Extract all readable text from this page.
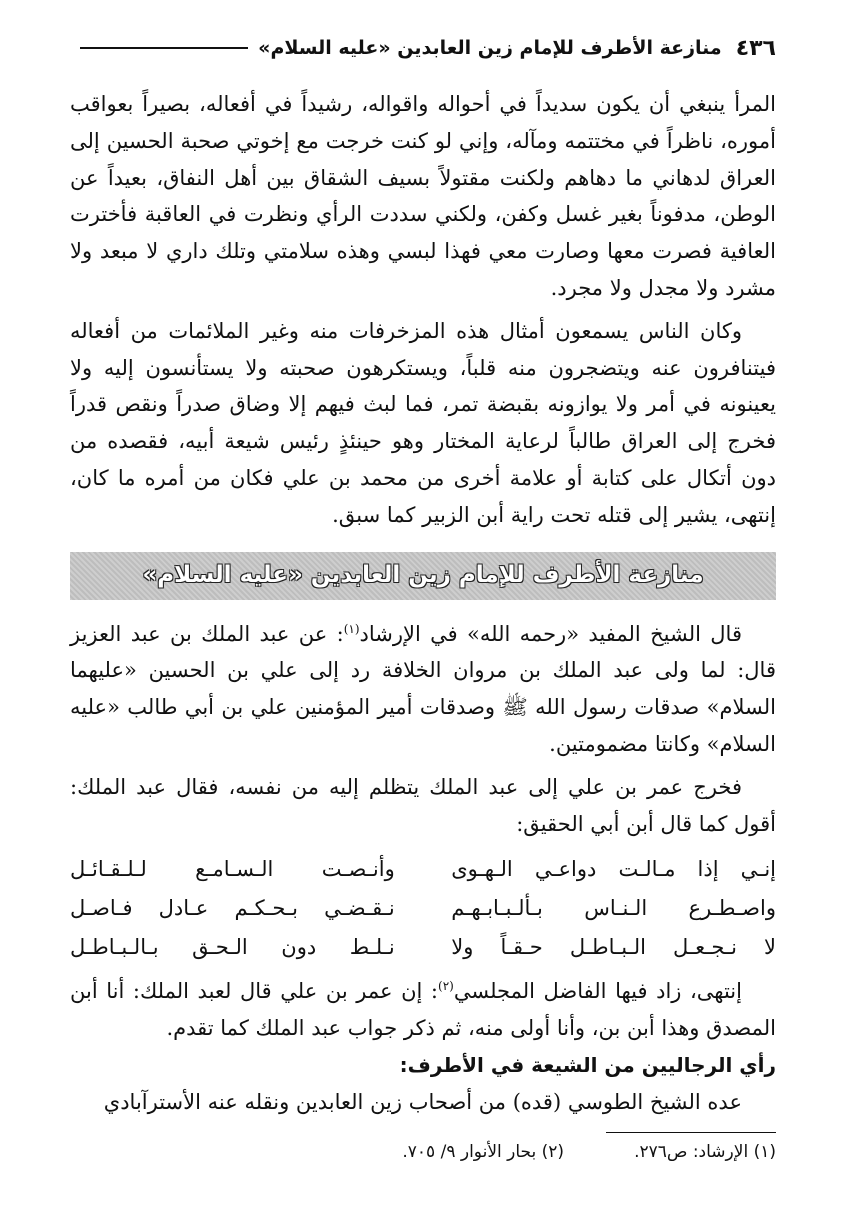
٤٣٦
منازعة الأطرف للإمام زين العابدين «عليه السلام»

المرأ ينبغي أن يكون سديداً في أحواله واقواله، رشيداً في أفعاله، بصيراً بعواقب أموره، ناظراً في مختتمه ومآله، وإني لو كنت خرجت مع إخوتي صحبة الحسين إلى العراق لدهاني ما دهاهم ولكنت مقتولاً بسيف الشقاق بين أهل النفاق، بعيداً عن الوطن، مدفوناً بغير غسل وكفن، ولكني سددت الرأي ونظرت في العاقبة فأخترت العافية فصرت معها وصارت معي فهذا لبسي وهذه سلامتي وتلك داري لا مبعد ولا مشرد ولا مجدل ولا مجرد.

وكان الناس يسمعون أمثال هذه المزخرفات منه وغير الملائمات من أفعاله فيتنافرون عنه ويتضجرون منه قلباً، ويستكرهون صحبته ولا يستأنسون إليه ولا يعينونه في أمر ولا يوازونه بقبضة تمر، فما لبث فيهم إلا وضاق صدراً ونقص قدراً فخرج إلى العراق طالباً لرعاية المختار وهو حينئذٍ رئيس شيعة أبيه، فقصده من دون أتكال على كتابة أو علامة أخرى من محمد بن علي فكان من أمره ما كان، إنتهى، يشير إلى قتله تحت راية أبن الزبير كما سبق.

منازعة الأطرف للإمام زين العابدين «عليه السلام»

قال الشيخ المفيد «رحمه الله» في الإرشاد$^{(١)}$: عن عبد الملك بن عبد العزيز قال: لما ولى عبد الملك بن مروان الخلافة رد إلى علي بن الحسين «عليهما السلام» صدقات رسول الله ﷺ وصدقات أمير المؤمنين علي بن أبي طالب «عليه السلام» وكانتا مضمومتين.

فخرج عمر بن علي إلى عبد الملك يتظلم إليه من نفسه، فقال عبد الملك: أقول كما قال أبن أبي الحقيق:

إنـي إذا مـالـت دواعـي الـهـوى
وأنـصـت الـسـامـع لـلـقـائـل
واصـطـرع الـنـاس بـألـبـابـهـم
نـقـضـي بـحـكـم عـادل فـاصـل
لا نـجـعـل الـبـاطـل حـقـاً ولا
نـلـط دون الـحـق بـالـبـاطـل

إنتهى، زاد فيها الفاضل المجلسي$^{(٢)}$: إن عمر بن علي قال لعبد الملك: أنا أبن المصدق وهذا أبن بن، وأنا أولى منه، ثم ذكر جواب عبد الملك كما تقدم.

رأي الرجاليين من الشيعة في الأطرف:

عده الشيخ الطوسي (قده) من أصحاب زين العابدين ونقله عنه الأسترآبادي

(١) الإرشاد: ص٢٧٦.
(٢) بحار الأنوار ٩/ ٧٠٥.
